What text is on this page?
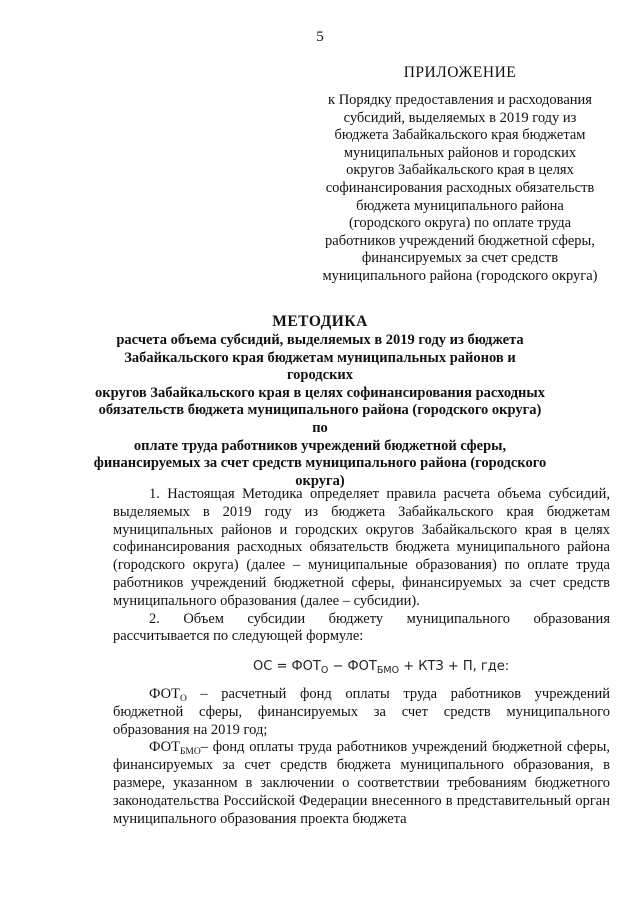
5
ПРИЛОЖЕНИЕ
к Порядку предоставления и расходования
субсидий, выделяемых в 2019 году из
бюджета Забайкальского края бюджетам
муниципальных районов и городских
округов Забайкальского края в целях
софинансирования расходных обязательств
бюджета муниципального района
(городского округа) по оплате труда
работников учреждений бюджетной сферы,
финансируемых за счет средств
муниципального района (городского округа)
МЕТОДИКА
расчета объема субсидий, выделяемых в 2019 году из бюджета
Забайкальского края бюджетам муниципальных районов и городских
округов Забайкальского края в целях софинансирования расходных
обязательств бюджета муниципального района (городского округа) по
оплате труда работников учреждений бюджетной сферы,
финансируемых за счет средств муниципального района (городского
округа)

1. Настоящая Методика определяет правила расчета объема субсидий, выделяемых в 2019 году из бюджета Забайкальского края бюджетам муниципальных районов и городских округов Забайкальского края в целях софинансирования расходных обязательств бюджета муниципального района (городского округа) (далее – муниципальные образования) по оплате труда работников учреждений бюджетной сферы, финансируемых за счет средств муниципального образования (далее – субсидии).

2. Объем субсидии бюджету муниципального образования рассчитывается по следующей формуле:

ОС = $ФОТ_О - ФОТ_{БМО}$ + КТЗ + П, где:

$ФОТ_О$ – расчетный фонд оплаты труда работников учреждений бюджетной сферы, финансируемых за счет средств муниципального образования на 2019 год;

$ФОТ_{БМО}-$ фонд оплаты труда работников учреждений бюджетной сферы, финансируемых за счет средств бюджета муниципального образования, в размере, указанном в заключении о соответствии требованиям бюджетного законодательства Российской Федерации внесенного в представительный орган муниципального образования проекта бюджета
